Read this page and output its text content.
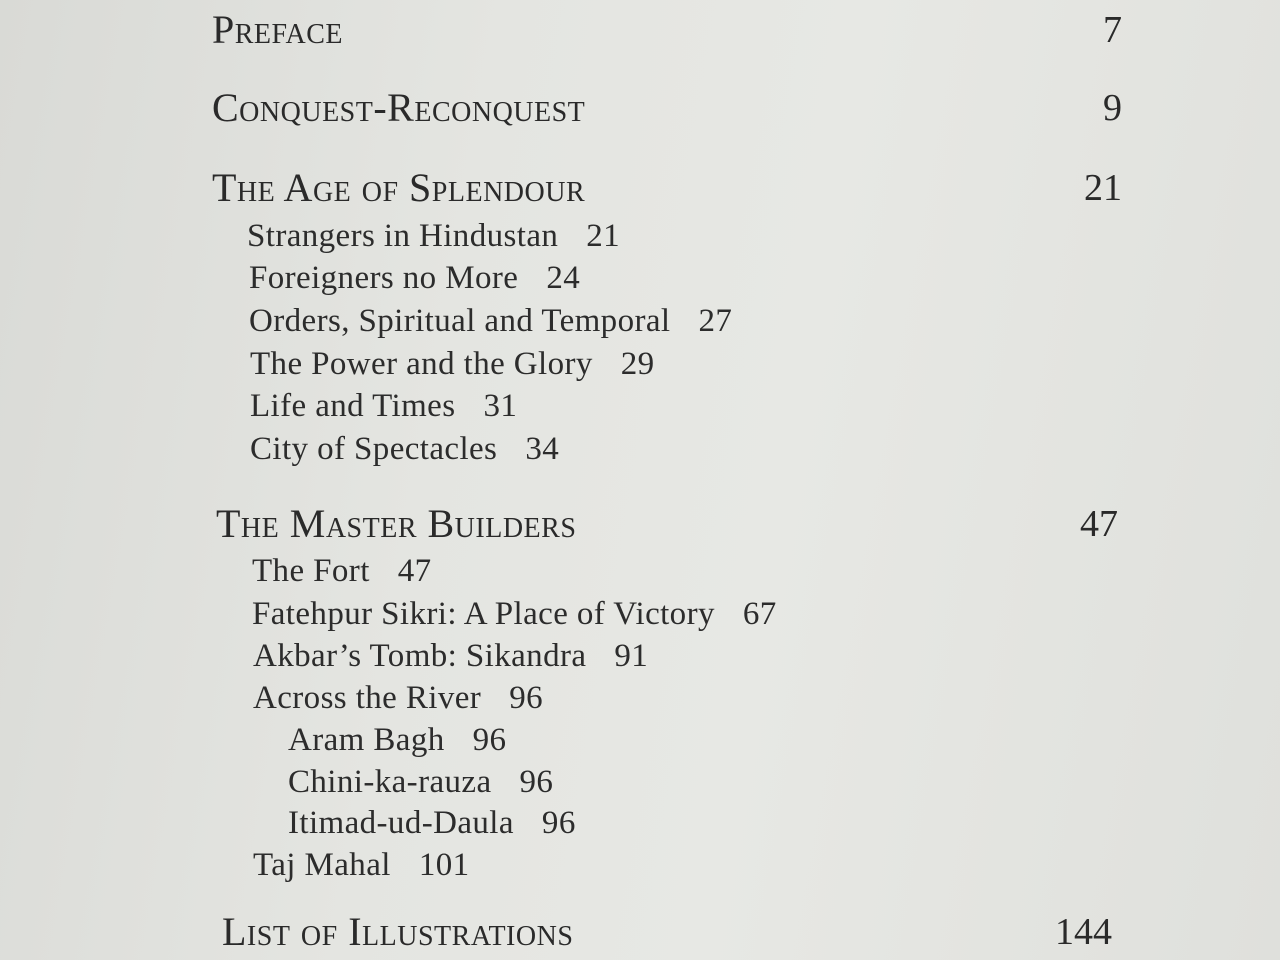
Preface	7
Conquest-Reconquest	9
The Age of Splendour	21
Strangers in Hindustan 21
Foreigners no More 24
Orders, Spiritual and Temporal 27
The Power and the Glory 29
Life and Times 31
City of Spectacles 34
The Master Builders	47
The Fort 47
Fatehpur Sikri: A Place of Victory 67
Akbar’s Tomb: Sikandra 91
Across the River 96
Aram Bagh 96
Chini-ka-rauza 96
Itimad-ud-Daula 96
Taj Mahal 101
List of Illustrations	144
